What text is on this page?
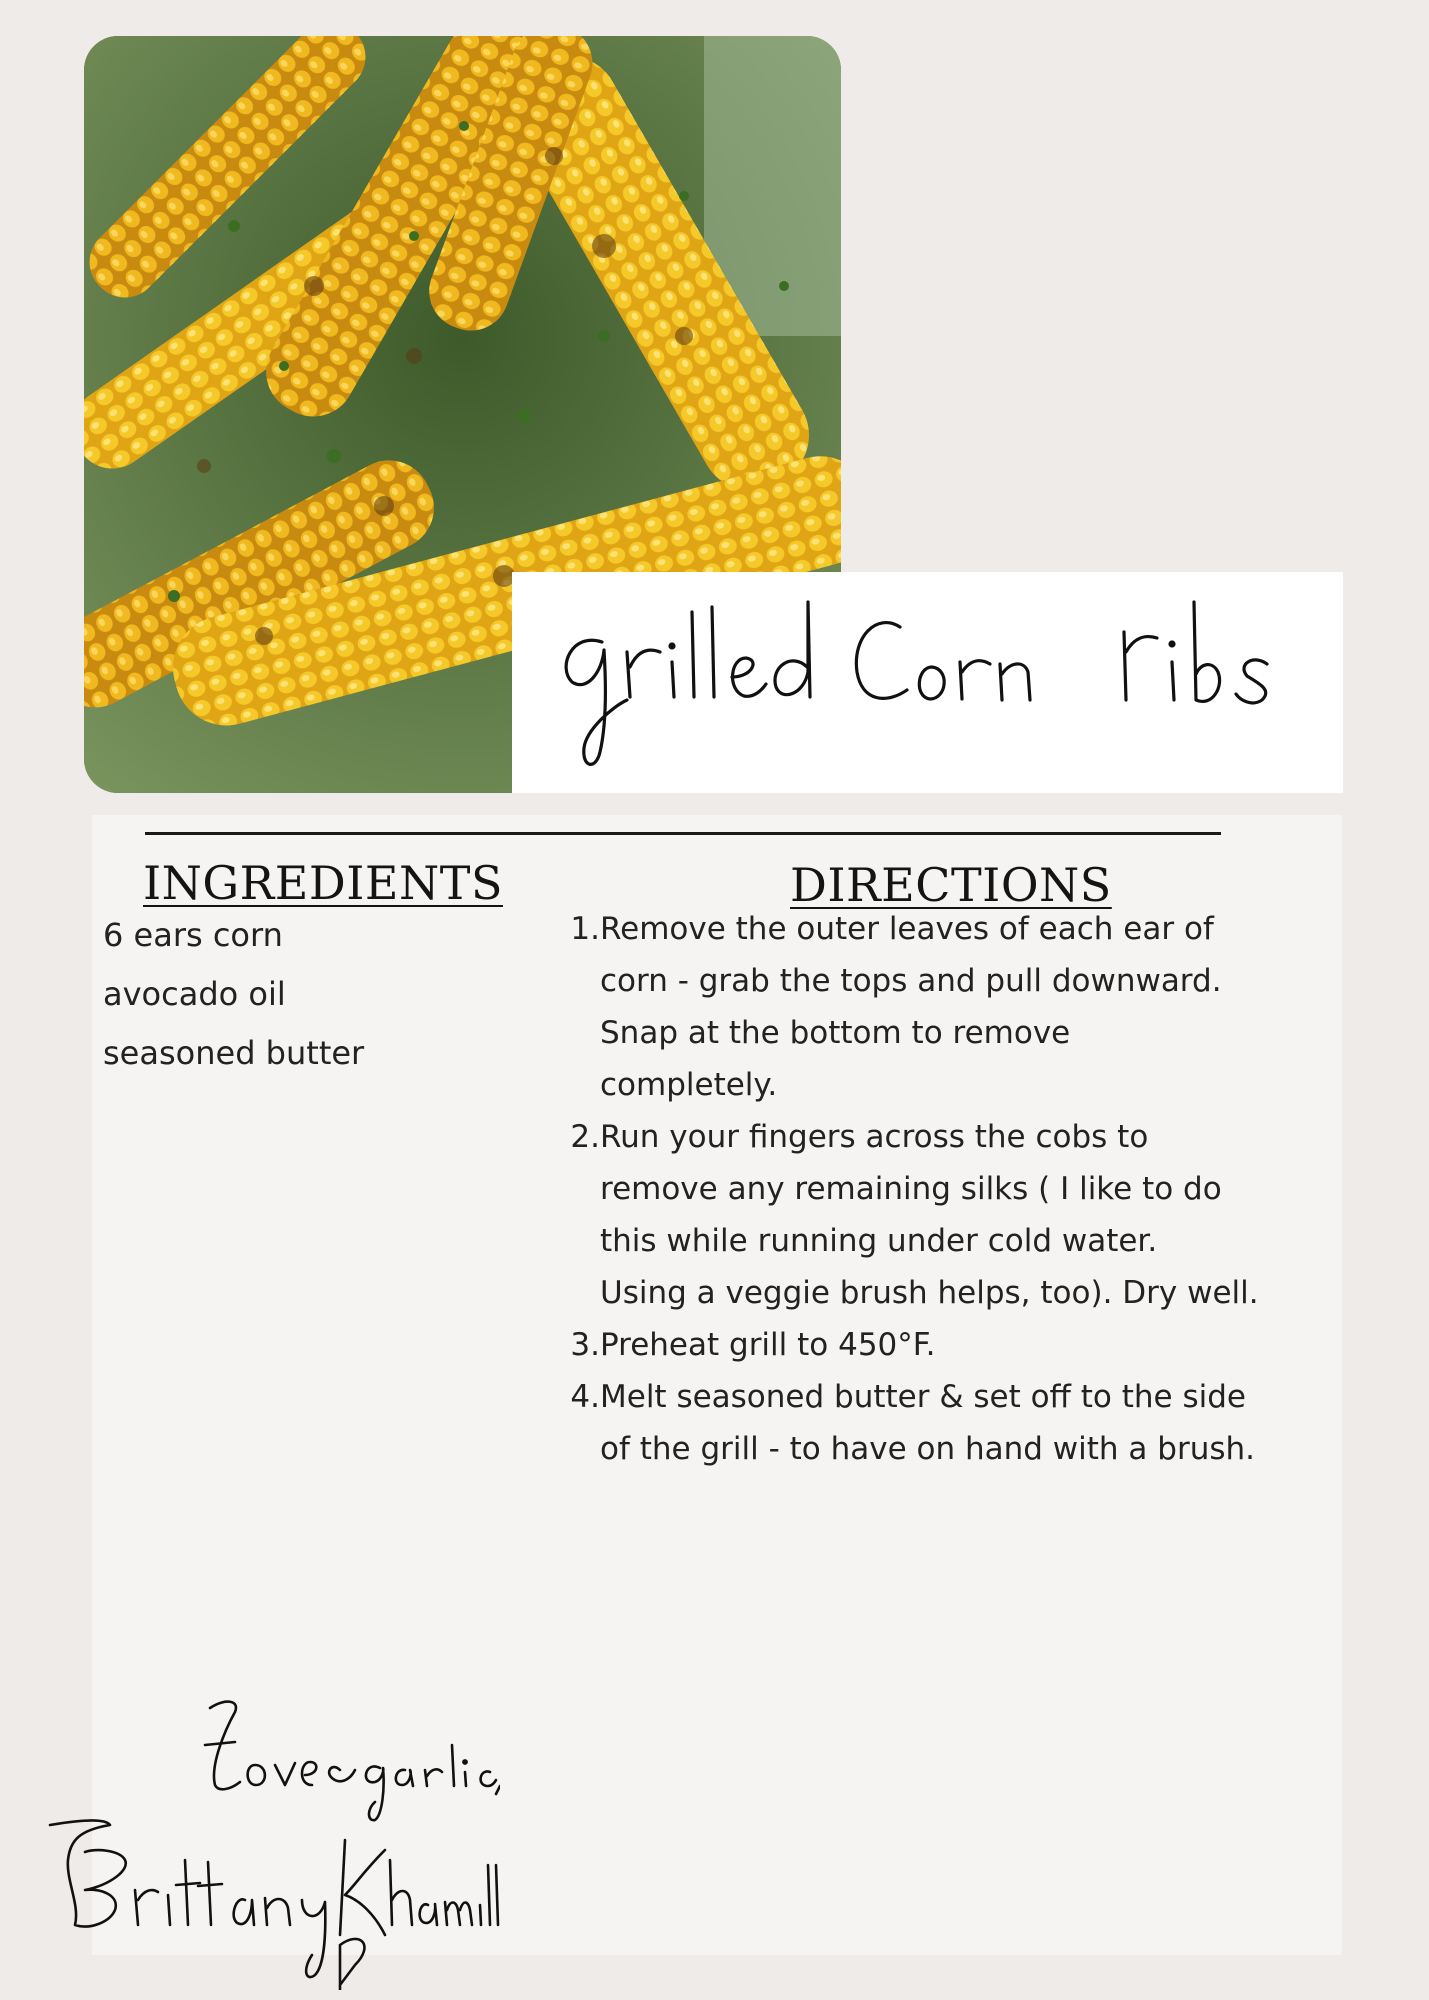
INGREDIENTS	DIRECTIONS
6 ears corn
avocado oil
seasoned butter
1. Remove the outer leaves of each ear of
corn - grab the tops and pull downward.
Snap at the bottom to remove
completely.
2. Run your fingers across the cobs to
remove any remaining silks ( I like to do
this while running under cold water.
Using a veggie brush helps, too). Dry well.
3. Preheat grill to 450°F.
4. Melt seasoned butter & set off to the side
of the grill - to have on hand with a brush.
